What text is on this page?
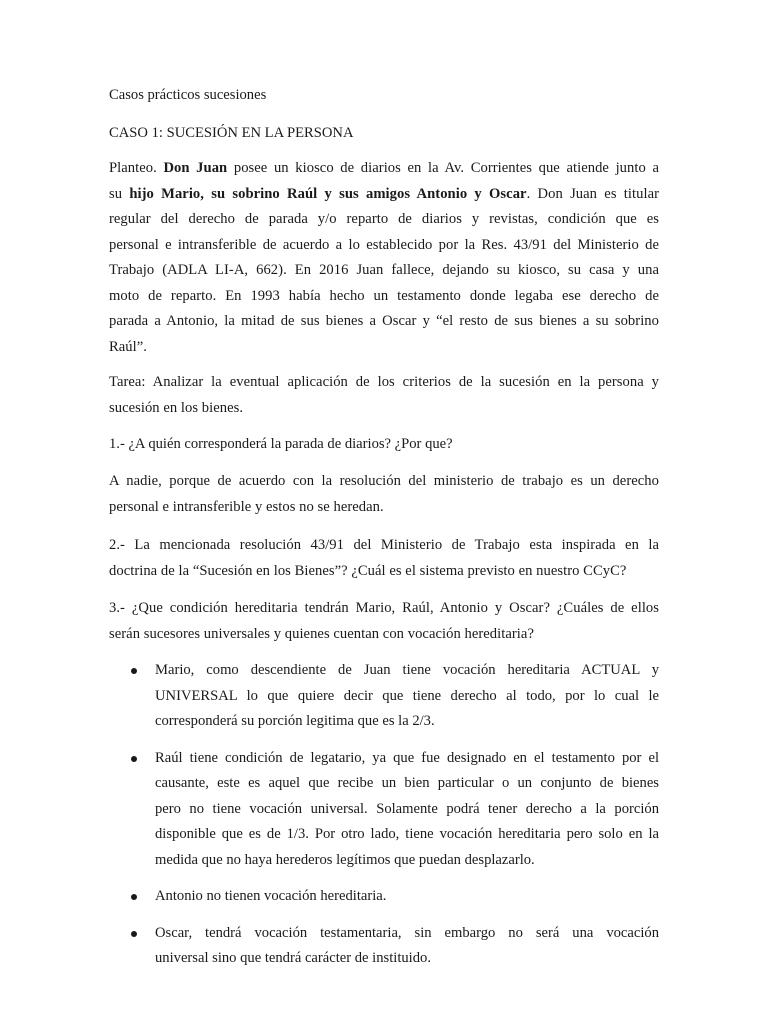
Casos prácticos sucesiones

CASO 1: SUCESIÓN EN LA PERSONA

Planteo. Don Juan posee un kiosco de diarios en la Av. Corrientes que atiende junto a
su hijo Mario, su sobrino Raúl y sus amigos Antonio y Oscar. Don Juan es titular
regular del derecho de parada y/o reparto de diarios y revistas, condición que es
personal e intransferible de acuerdo a lo establecido por la Res. 43/91 del Ministerio de
Trabajo (ADLA LI-A, 662). En 2016 Juan fallece, dejando su kiosco, su casa y una
moto de reparto. En 1993 había hecho un testamento donde legaba ese derecho de
parada a Antonio, la mitad de sus bienes a Oscar y “el resto de sus bienes a su sobrino
Raúl”.
Tarea: Analizar la eventual aplicación de los criterios de la sucesión en la persona y
sucesión en los bienes.

1.- ¿A quién corresponderá la parada de diarios? ¿Por que?

A nadie, porque de acuerdo con la resolución del ministerio de trabajo es un derecho
personal e intransferible y estos no se heredan.
2.- La mencionada resolución 43/91 del Ministerio de Trabajo esta inspirada en la
doctrina de la “Sucesión en los Bienes”? ¿Cuál es el sistema previsto en nuestro CCyC?
3.- ¿Que condición hereditaria tendrán Mario, Raúl, Antonio y Oscar? ¿Cuáles de ellos
serán sucesores universales y quienes cuentan con vocación hereditaria?
Mario, como descendiente de Juan tiene vocación hereditaria ACTUAL y
UNIVERSAL lo que quiere decir que tiene derecho al todo, por lo cual le
corresponderá su porción legitima que es la 2/3.
Raúl tiene condición de legatario, ya que fue designado en el testamento por el
causante, este es aquel que recibe un bien particular o un conjunto de bienes
pero no tiene vocación universal. Solamente podrá tener derecho a la porción
disponible que es de 1/3. Por otro lado, tiene vocación hereditaria pero solo en la
medida que no haya herederos legítimos que puedan desplazarlo.
Antonio no tienen vocación hereditaria.
Oscar, tendrá vocación testamentaria, sin embargo no será una vocación
universal sino que tendrá carácter de instituido.
